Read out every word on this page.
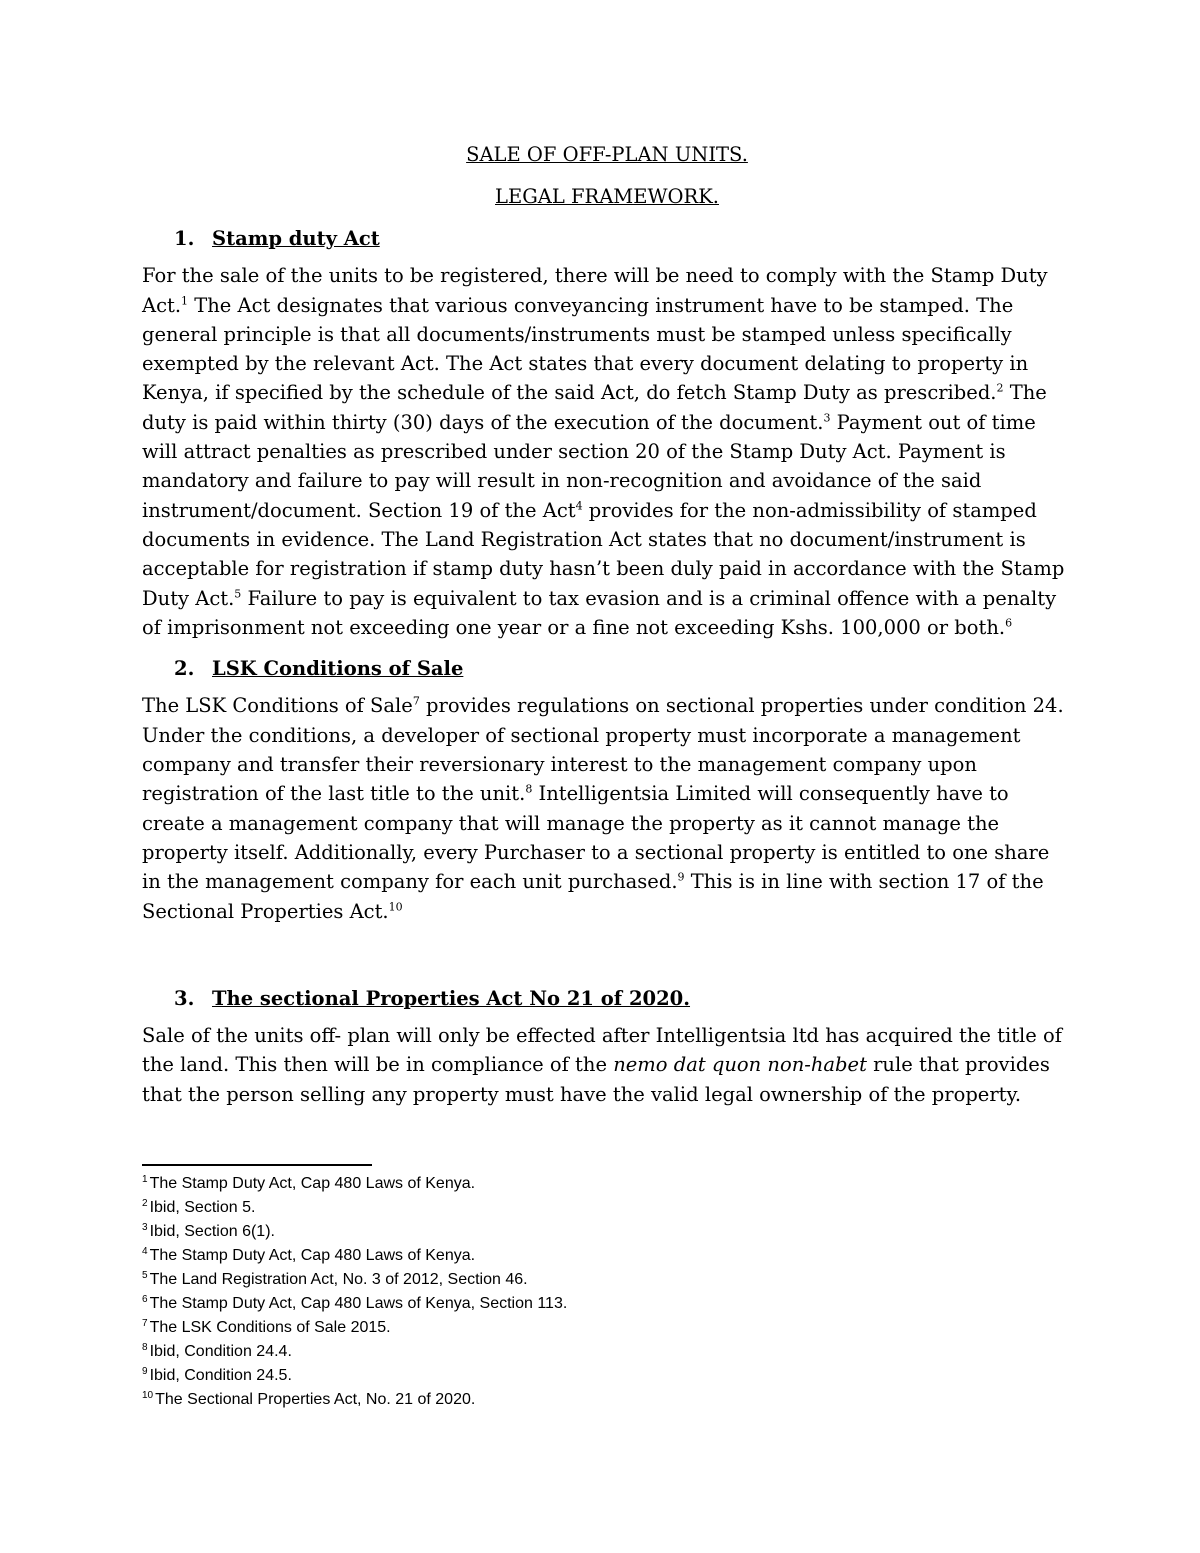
SALE OF OFF-PLAN UNITS.

LEGAL FRAMEWORK.

1. Stamp duty Act

For the sale of the units to be registered, there will be need to comply with the Stamp Duty Act.$^1$ The Act designates that various conveyancing instrument have to be stamped. The general principle is that all documents/instruments must be stamped unless specifically exempted by the relevant Act. The Act states that every document delating to property in Kenya, if specified by the schedule of the said Act, do fetch Stamp Duty as prescribed.$^2$ The duty is paid within thirty (30) days of the execution of the document.$^3$ Payment out of time will attract penalties as prescribed under section 20 of the Stamp Duty Act. Payment is mandatory and failure to pay will result in non-recognition and avoidance of the said instrument/document. Section 19 of the Act$^4$ provides for the non-admissibility of stamped documents in evidence. The Land Registration Act states that no document/instrument is acceptable for registration if stamp duty hasn’t been duly paid in accordance with the Stamp Duty Act.$^5$ Failure to pay is equivalent to tax evasion and is a criminal offence with a penalty of imprisonment not exceeding one year or a fine not exceeding Kshs. 100,000 or both.$^6$

2. LSK Conditions of Sale

The LSK Conditions of Sale$^7$ provides regulations on sectional properties under condition 24. Under the conditions, a developer of sectional property must incorporate a management company and transfer their reversionary interest to the management company upon registration of the last title to the unit.$^8$ Intelligentsia Limited will consequently have to create a management company that will manage the property as it cannot manage the property itself. Additionally, every Purchaser to a sectional property is entitled to one share in the management company for each unit purchased.$^9$ This is in line with section 17 of the Sectional Properties Act.$^{10}$

3. The sectional Properties Act No 21 of 2020.

Sale of the units off- plan will only be effected after Intelligentsia ltd has acquired the title of the land. This then will be in compliance of the nemo dat quon non-habet rule that provides that the person selling any property must have the valid legal ownership of the property.

$^1$ The Stamp Duty Act, Cap 480 Laws of Kenya.
$^2$ Ibid, Section 5.
$^3$ Ibid, Section 6(1).
$^4$ The Stamp Duty Act, Cap 480 Laws of Kenya.
$^5$ The Land Registration Act, No. 3 of 2012, Section 46.
$^6$ The Stamp Duty Act, Cap 480 Laws of Kenya, Section 113.
$^7$ The LSK Conditions of Sale 2015.
$^8$ Ibid, Condition 24.4.
$^9$ Ibid, Condition 24.5.
$^{10}$ The Sectional Properties Act, No. 21 of 2020.
